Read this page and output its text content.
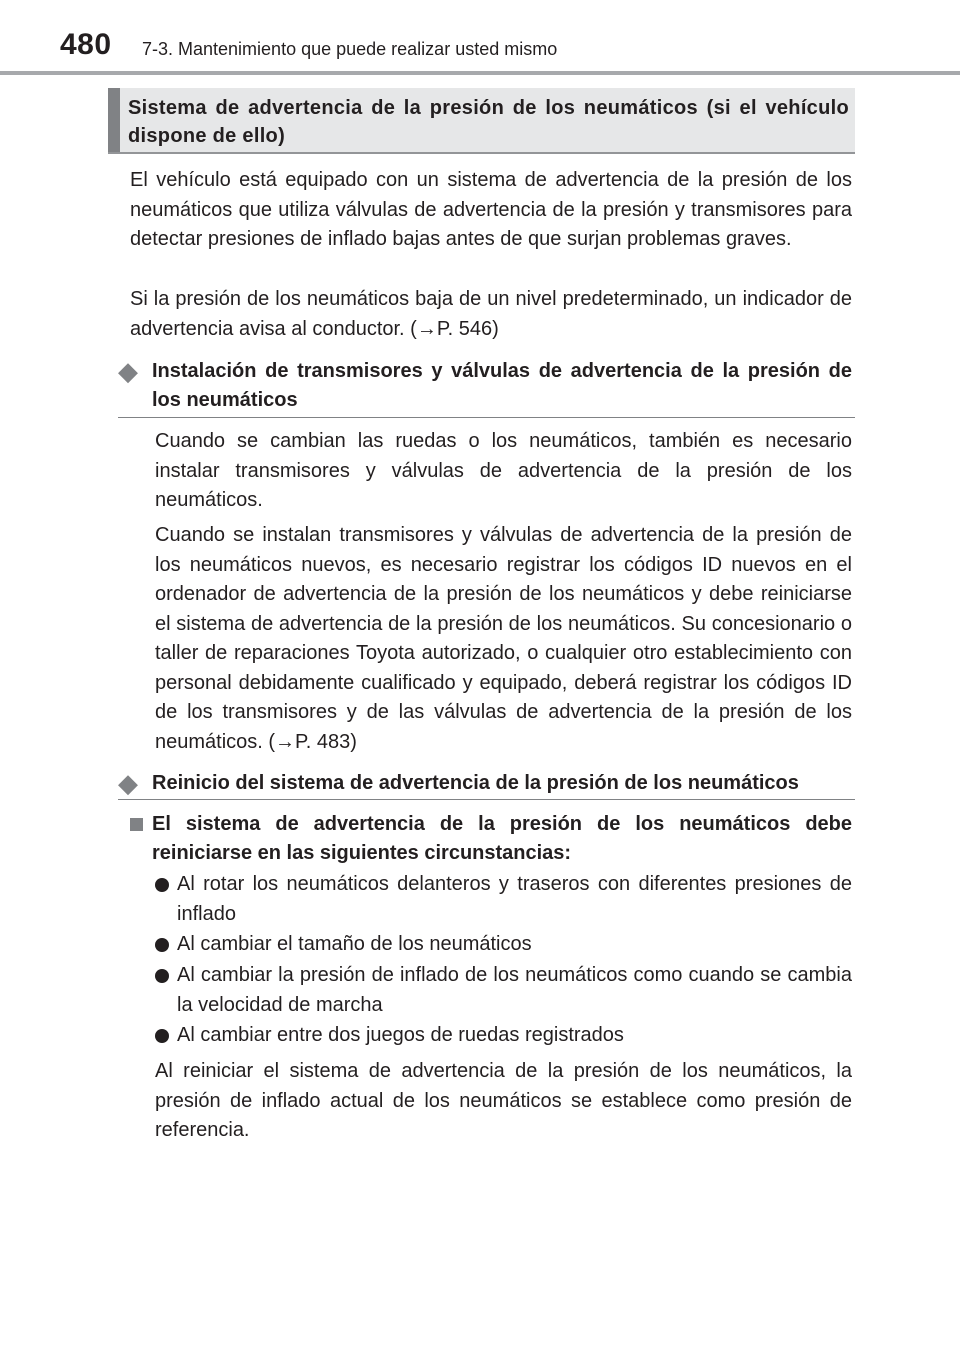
480 7-3. Mantenimiento que puede realizar usted mismo
Sistema de advertencia de la presión de los neumáticos (si el vehículo dispone de ello)

El vehículo está equipado con un sistema de advertencia de la presión de los neumáticos que utiliza válvulas de advertencia de la presión y transmisores para detectar presiones de inflado bajas antes de que surjan problemas graves.

Si la presión de los neumáticos baja de un nivel predeterminado, un indicador de advertencia avisa al conductor. (→P. 546)

◆ Instalación de transmisores y válvulas de advertencia de la presión de los neumáticos

Cuando se cambian las ruedas o los neumáticos, también es necesario instalar transmisores y válvulas de advertencia de la presión de los neumáticos.

Cuando se instalan transmisores y válvulas de advertencia de la presión de los neumáticos nuevos, es necesario registrar los códigos ID nuevos en el ordenador de advertencia de la presión de los neumáticos y debe reiniciarse el sistema de advertencia de la presión de los neumáticos. Su concesionario o taller de reparaciones Toyota autorizado, o cualquier otro establecimiento con personal debidamente cualificado y equipado, deberá registrar los códigos ID de los transmisores y de las válvulas de advertencia de la presión de los neumáticos. (→P. 483)

◆ Reinicio del sistema de advertencia de la presión de los neumáticos

El sistema de advertencia de la presión de los neumáticos debe reiniciarse en las siguientes circunstancias:

Al rotar los neumáticos delanteros y traseros con diferentes presiones de inflado

Al cambiar el tamaño de los neumáticos

Al cambiar la presión de inflado de los neumáticos como cuando se cambia la velocidad de marcha

Al cambiar entre dos juegos de ruedas registrados

Al reiniciar el sistema de advertencia de la presión de los neumáticos, la presión de inflado actual de los neumáticos se establece como presión de referencia.
